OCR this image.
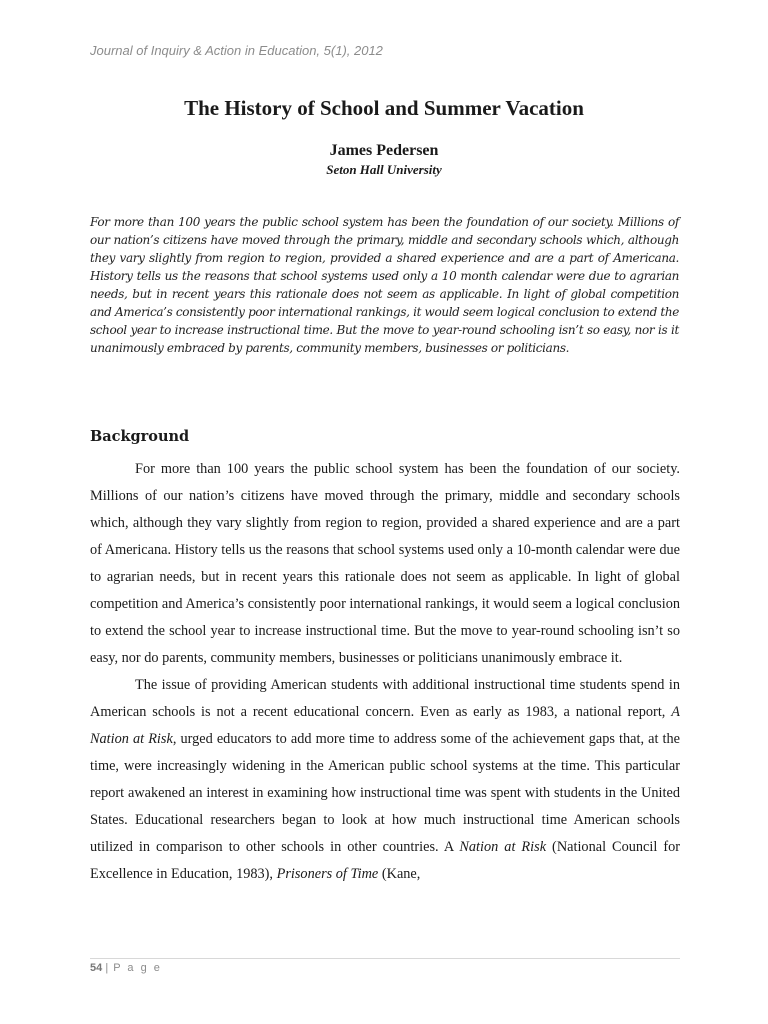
Journal of Inquiry & Action in Education, 5(1), 2012
The History of School and Summer Vacation
James Pedersen
Seton Hall University
For more than 100 years the public school system has been the foundation of our society. Millions of our nation’s citizens have moved through the primary, middle and secondary schools which, although they vary slightly from region to region, provided a shared experience and are a part of Americana. History tells us the reasons that school systems used only a 10 month calendar were due to agrarian needs, but in recent years this rationale does not seem as applicable. In light of global competition and America’s consistently poor international rankings, it would seem logical conclusion to extend the school year to increase instructional time. But the move to year-round schooling isn’t so easy, nor is it unanimously embraced by parents, community members, businesses or politicians.
Background

For more than 100 years the public school system has been the foundation of our society. Millions of our nation’s citizens have moved through the primary, middle and secondary schools which, although they vary slightly from region to region, provided a shared experience and are a part of Americana. History tells us the reasons that school systems used only a 10-month calendar were due to agrarian needs, but in recent years this rationale does not seem as applicable. In light of global competition and America’s consistently poor international rankings, it would seem a logical conclusion to extend the school year to increase instructional time. But the move to year-round schooling isn’t so easy, nor do parents, community members, businesses or politicians unanimously embrace it.

The issue of providing American students with additional instructional time students spend in American schools is not a recent educational concern. Even as early as 1983, a national report, A Nation at Risk, urged educators to add more time to address some of the achievement gaps that, at the time, were increasingly widening in the American public school systems at the time. This particular report awakened an interest in examining how instructional time was spent with students in the United States. Educational researchers began to look at how much instructional time American schools utilized in comparison to other schools in other countries. A Nation at Risk (National Council for Excellence in Education, 1983), Prisoners of Time (Kane,

54 | P a g e
